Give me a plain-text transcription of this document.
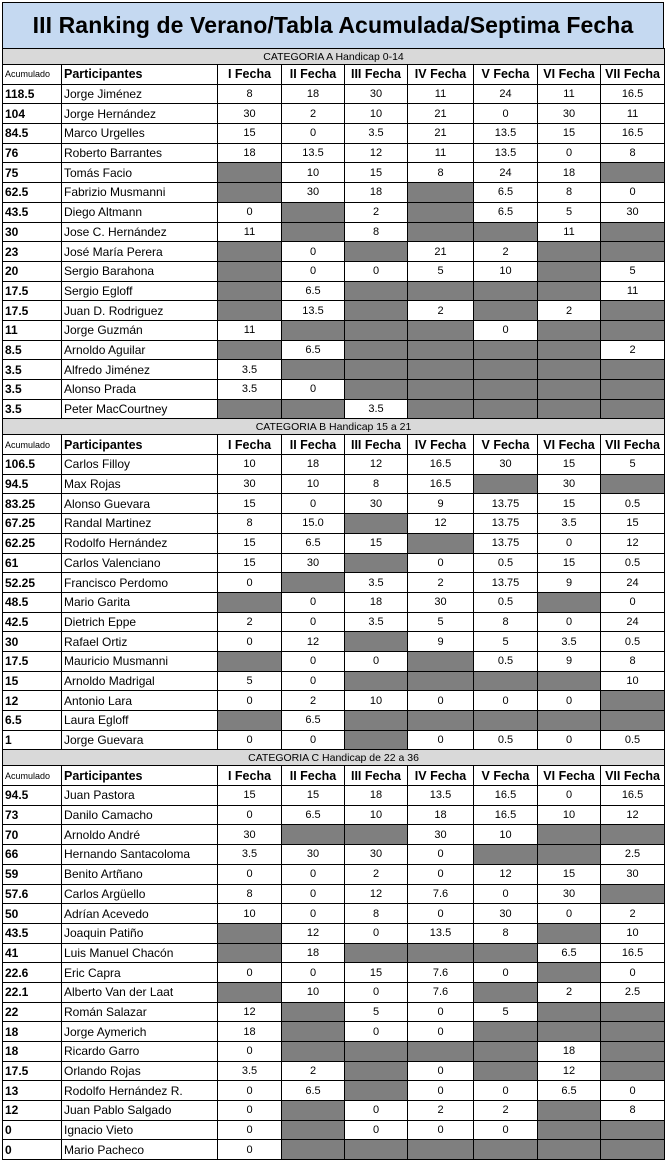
III Ranking de Verano/Tabla Acumulada/Septima Fecha
CATEGORIA A Handicap 0-14								
Acumulado	Participantes	I Fecha	II Fecha	III Fecha	IV Fecha	V Fecha	VI Fecha	VII Fecha
118.5	Jorge Jiménez	8	18	30	11	24	11	16.5
104	Jorge Hernández	30	2	10	21	0	30	11
84.5	Marco Urgelles	15	0	3.5	21	13.5	15	16.5
76	Roberto Barrantes	18	13.5	12	11	13.5	0	8
75	Tomás Facio		10	15	8	24	18	
62.5	Fabrizio Musmanni		30	18		6.5	8	0
43.5	Diego Altmann	0		2		6.5	5	30
30	Jose C. Hernández	11		8			11	
23	José María Perera		0		21	2		
20	Sergio Barahona		0	0	5	10		5
17.5	Sergio Egloff		6.5					11
17.5	Juan D. Rodriguez		13.5		2		2	
11	Jorge Guzmán	11				0		
8.5	Arnoldo Aguilar		6.5					2
3.5	Alfredo Jiménez	3.5						
3.5	Alonso Prada	3.5	0					
3.5	Peter MacCourtney			3.5				
CATEGORIA B Handicap 15 a 21								
Acumulado	Participantes	I Fecha	II Fecha	III Fecha	IV Fecha	V Fecha	VI Fecha	VII Fecha
106.5	Carlos Filloy	10	18	12	16.5	30	15	5
94.5	Max Rojas	30	10	8	16.5		30	
83.25	Alonso Guevara	15	0	30	9	13.75	15	0.5
67.25	Randal Martinez	8	15.0		12	13.75	3.5	15
62.25	Rodolfo Hernández	15	6.5	15		13.75	0	12
61	Carlos Valenciano	15	30		0	0.5	15	0.5
52.25	Francisco Perdomo	0		3.5	2	13.75	9	24
48.5	Mario Garita		0	18	30	0.5		0
42.5	Dietrich Eppe	2	0	3.5	5	8	0	24
30	Rafael Ortiz	0	12		9	5	3.5	0.5
17.5	Mauricio Musmanni		0	0		0.5	9	8
15	Arnoldo Madrigal	5	0					10
12	Antonio Lara	0	2	10	0	0	0	
6.5	Laura Egloff		6.5					
1	Jorge Guevara	0	0		0	0.5	0	0.5
CATEGORIA C Handicap de 22 a 36								
Acumulado	Participantes	I Fecha	II Fecha	III Fecha	IV Fecha	V Fecha	VI Fecha	VII Fecha
94.5	Juan Pastora	15	15	18	13.5	16.5	0	16.5
73	Danilo Camacho	0	6.5	10	18	16.5	10	12
70	Arnoldo André	30			30	10		
66	Hernando Santacoloma	3.5	30	30	0			2.5
59	Benito Artñano	0	0	2	0	12	15	30
57.6	Carlos Argüello	8	0	12	7.6	0	30	
50	Adrían Acevedo	10	0	8	0	30	0	2
43.5	Joaquin Patiño		12	0	13.5	8		10
41	Luis Manuel Chacón		18				6.5	16.5
22.6	Eric Capra	0	0	15	7.6	0		0
22.1	Alberto Van der Laat		10	0	7.6		2	2.5
22	Román Salazar	12		5	0	5		
18	Jorge Aymerich	18		0	0			
18	Ricardo Garro	0					18	
17.5	Orlando Rojas	3.5	2		0		12	
13	Rodolfo Hernández R.	0	6.5		0	0	6.5	0
12	Juan Pablo Salgado	0		0	2	2		8
0	Ignacio Vieto	0		0	0	0		
0	Mario Pacheco	0						
